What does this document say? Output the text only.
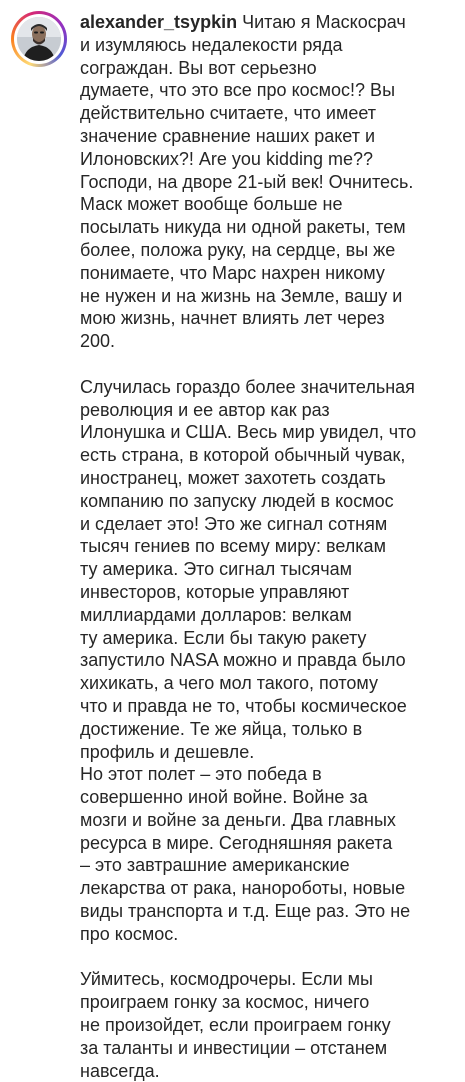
alexander_tsypkin Читаю я Маскосрач
и изумляюсь недалекости ряда
сограждан. Вы вот серьезно
думаете, что это все про космос!? Вы
действительно считаете, что имеет
значение сравнение наших ракет и
Илоновских?! Are you kidding me??
Господи, на дворе 21-ый век! Очнитесь.
Маск может вообще больше не
посылать никуда ни одной ракеты, тем
более, положа руку, на сердце, вы же
понимаете, что Марс нахрен никому
не нужен и на жизнь на Земле, вашу и
мою жизнь, начнет влиять лет через
200.
Случилась гораздо более значительная
революция и ее автор как раз
Илонушка и США. Весь мир увидел, что
есть страна, в которой обычный чувак,
иностранец, может захотеть создать
компанию по запуску людей в космос
и сделает это! Это же сигнал сотням
тысяч гениев по всему миру: велкам
ту америка. Это сигнал тысячам
инвесторов, которые управляют
миллиардами долларов: велкам
ту америка. Если бы такую ракету
запустило NASA можно и правда было
хихикать, а чего мол такого, потому
что и правда не то, чтобы космическое
достижение. Те же яйца, только в
профиль и дешевле.
Но этот полет – это победа в
совершенно иной войне. Войне за
мозги и войне за деньги. Два главных
ресурса в мире. Сегодняшняя ракета
– это завтрашние американские
лекарства от рака, нанороботы, новые
виды транспорта и т.д. Еще раз. Это не
про космос.
Уймитесь, космодрочеры. Если мы
проиграем гонку за космос, ничего
не произойдет, если проиграем гонку
за таланты и инвестиции – отстанем
навсегда.
